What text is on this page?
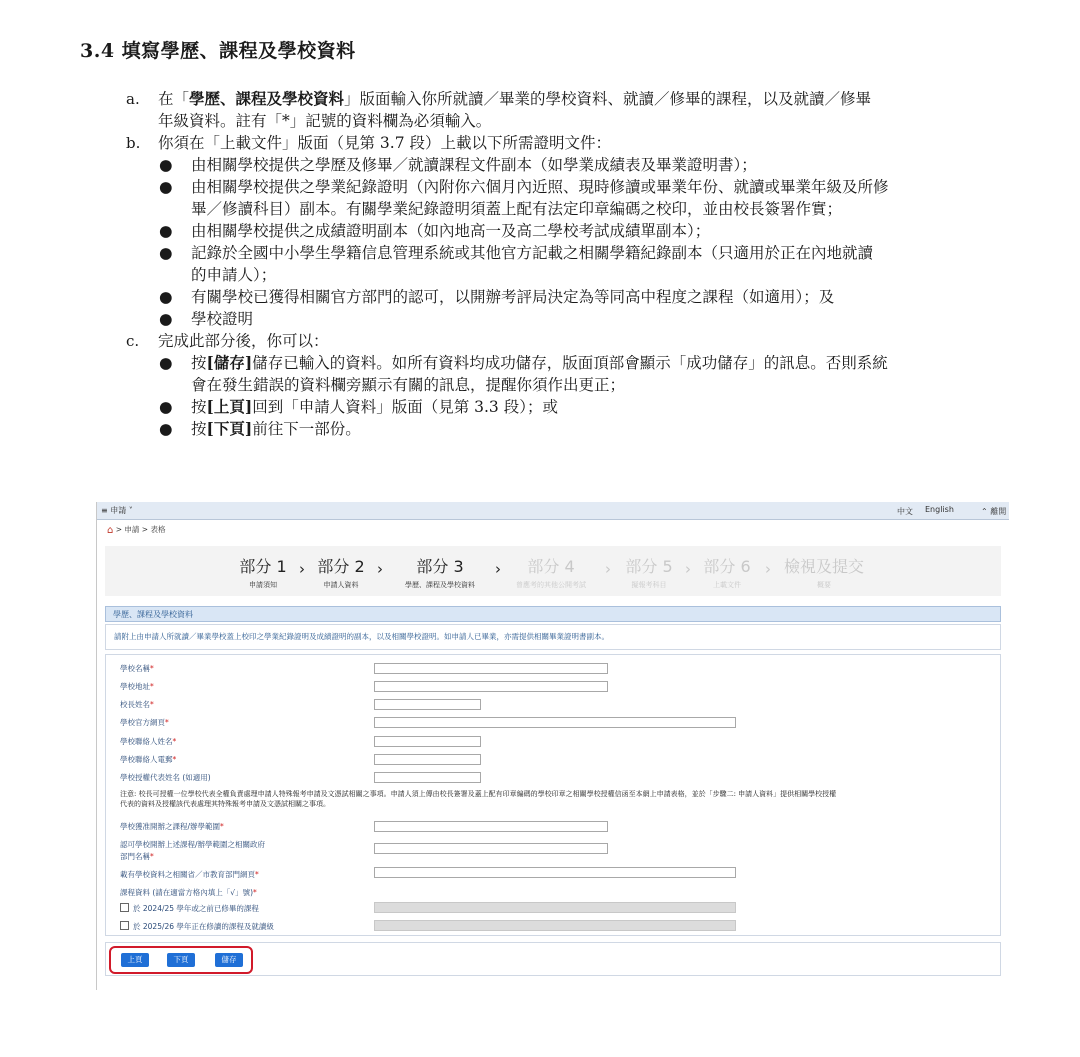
3.4 填寫學歷、課程及學校資料

a. 在「學歷、課程及學校資料」版面輸入你所就讀／畢業的學校資料、就讀／修畢的課程，以及就讀／修畢
年級資料。註有「*」記號的資料欄為必須輸入。

b. 你須在「上載文件」版面（見第 3.7 段）上載以下所需證明文件：

● 由相關學校提供之學歷及修畢／就讀課程文件副本（如學業成績表及畢業證明書）；

● 由相關學校提供之學業紀錄證明（內附你六個月內近照、現時修讀或畢業年份、就讀或畢業年級及所修
畢／修讀科目）副本。有關學業紀錄證明須蓋上配有法定印章編碼之校印，並由校長簽署作實；

● 由相關學校提供之成績證明副本（如內地高一及高二學校考試成績單副本）；

● 記錄於全國中小學生學籍信息管理系統或其他官方記載之相關學籍紀錄副本（只適用於正在內地就讀
的申請人）；

● 有關學校已獲得相關官方部門的認可，以開辦考評局決定為等同高中程度之課程（如適用）；及

● 學校證明

c. 完成此部分後，你可以：

● 按[儲存]儲存已輸入的資料。如所有資料均成功儲存，版面頂部會顯示「成功儲存」的訊息。否則系統
會在發生錯誤的資料欄旁顯示有關的訊息，提醒你須作出更正；

● 按[上頁]回到「申請人資料」版面（見第 3.3 段）；或

● 按[下頁]前往下一部份。

≡ 申請 ˅	中文 English	⌃ 離開
⌂ > 申請 > 表格
部分 1
申請須知
› 部分 2
申請人資料
›	部分 3
學歷、課程及學校資料
›	部分 4
曾應考的其他公開考試
› 部分 5
擬報考科目
› 部分 6
上載文件
› 檢視及提交
概要
學歷、課程及學校資料
請附上由申請人所就讀／畢業學校蓋上校印之學業紀錄證明及成績證明的副本，以及相關學校證明。如申請人已畢業，亦需提供相關畢業證明書副本。
學校名稱*
學校地址*
校長姓名*
學校官方網頁*
學校聯絡人姓名*
學校聯絡人電郵*
學校授權代表姓名 (如適用)
注意: 校長可授權一位學校代表全權負責處理申請人特殊報考申請及文憑試相關之事項。申請人須上傳由校長簽署及蓋上配有印章編碼的學校印章之相關學校授權信函至本網上申請表格，並於「步驟二: 申請人資料」提供相關學校授權
代表的資料及授權該代表處理其特殊報考申請及文憑試相關之事項。
學校獲准開辦之課程/辦學範圍*
認可學校開辦上述課程/辦學範圍之相關政府
部門名稱*
載有學校資料之相關省／市教育部門網頁*
課程資料 (請在適當方格內填上「√」號)*
於 2024/25 學年或之前已修畢的課程
於 2025/26 學年正在修讀的課程及就讀級
上頁	下頁	儲存
